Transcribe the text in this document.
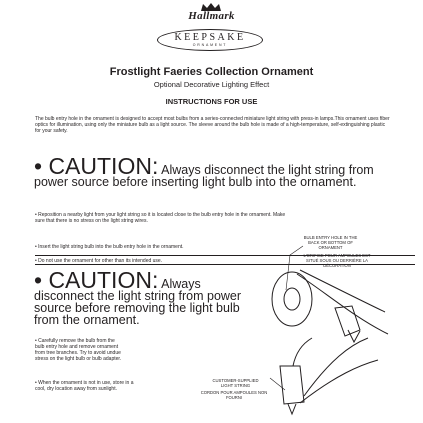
Hallmark
KEEPSAKE
ORNAMENT
Frostlight Faeries Collection Ornament
Optional Decorative Lighting Effect
INSTRUCTIONS FOR USE
The bulb entry hole in the ornament is designed to accept most bulbs from a series-connected miniature light string with press-in lamps.This ornament uses fiber optics for illumination, using only the miniature bulb as a light source. The sleeve around the bulb hole is made of a high-temperature, self-extinguishing plastic for your safety.
• CAUTION: Always disconnect the light string from power source before inserting light bulb into the ornament.
• Reposition a nearby light from your light string so it is located close to the bulb entry hole in the ornament. Make sure that there is no stress on the light string wires.
• Insert the light string bulb into the bulb entry hole in the ornament.
• Do not use the ornament for other than its intended use.
• CAUTION: Always disconnect the light string from power source before removing the light bulb from the ornament.
• Carefully remove the bulb from the bulb entry hole and remove ornament from tree branches. Try to avoid undue stress on the light bulb or bulb adapter.
• When the ornament is not in use, store in a cool, dry location away from sunlight.
BULB ENTRY HOLE IN THE BACK OR BOTTOM OF ORNAMENT
L'ORIFICE POUR AMPOULES EST SITUÉ SOUS OU DERRIÈRE LA DÉCORATION
CUSTOMER-SUPPLIED LIGHT STRING
CORDON POUR AMPOULES NON FOURNI
